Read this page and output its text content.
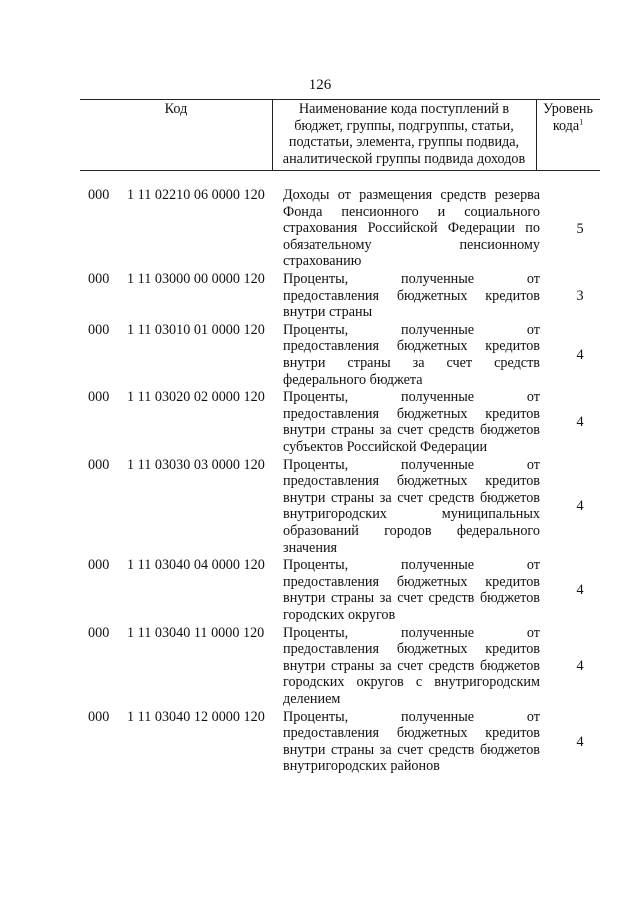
126
Код	Наименование кода поступлений в
бюджет, группы, подгруппы, статьи,
подстатьи, элемента, группы подвида,
аналитической группы подвида доходов
Уровень
кода$^1$
000 1 11 02210 06 0000 120 Доходы от размещения средств резерва
Фонда пенсионного и социального
страхования Российской Федерации по
обязательному пенсионному
страхованию
5
000 1 11 03000 00 0000 120 Проценты, полученные от
предоставления бюджетных кредитов
внутри страны
3
000 1 11 03010 01 0000 120 Проценты, полученные от
предоставления бюджетных кредитов
внутри страны за счет средств
федерального бюджета
4
000 1 11 03020 02 0000 120 Проценты, полученные от
предоставления бюджетных кредитов
внутри страны за счет средств бюджетов
субъектов Российской Федерации
4
000 1 11 03030 03 0000 120 Проценты, полученные от
предоставления бюджетных кредитов
внутри страны за счет средств бюджетов
внутригородских муниципальных
образований городов федерального
значения
4
000 1 11 03040 04 0000 120 Проценты, полученные от
предоставления бюджетных кредитов
внутри страны за счет средств бюджетов
городских округов
4
000 1 11 03040 11 0000 120 Проценты, полученные от
предоставления бюджетных кредитов
внутри страны за счет средств бюджетов
городских округов с внутригородским
делением
4
000 1 11 03040 12 0000 120 Проценты, полученные от
предоставления бюджетных кредитов
внутри страны за счет средств бюджетов
внутригородских районов
4
